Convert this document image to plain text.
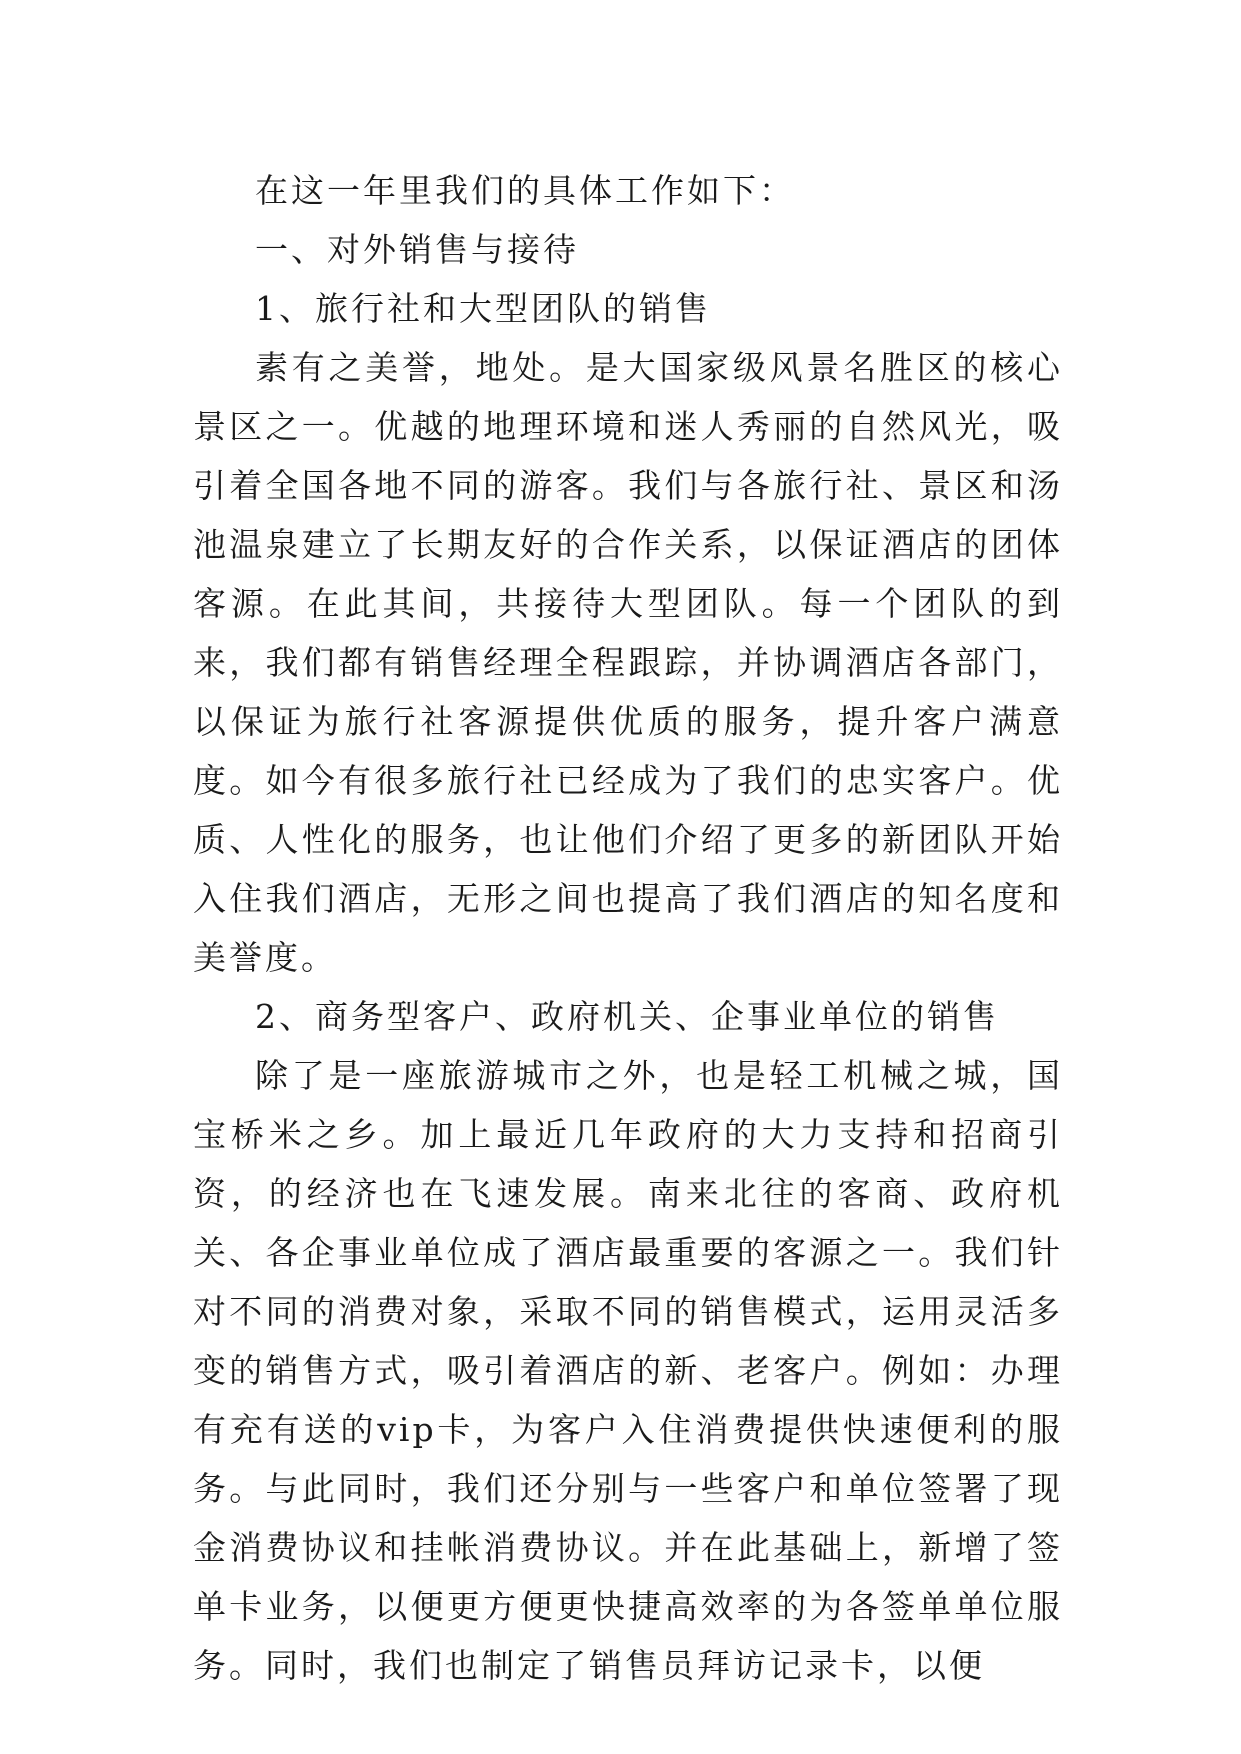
在这一年里我们的具体工作如下：

一、对外销售与接待

1、旅行社和大型团队的销售

素有之美誉，地处。是大国家级风景名胜区的核心景区之一。优越的地理环境和迷人秀丽的自然风光，吸引着全国各地不同的游客。我们与各旅行社、景区和汤池温泉建立了长期友好的合作关系，以保证酒店的团体客源。在此其间，共接待大型团队。每一个团队的到来，我们都有销售经理全程跟踪，并协调酒店各部门，以保证为旅行社客源提供优质的服务，提升客户满意度。如今有很多旅行社已经成为了我们的忠实客户。优质、人性化的服务，也让他们介绍了更多的新团队开始入住我们酒店，无形之间也提高了我们酒店的知名度和美誉度。

2、商务型客户、政府机关、企事业单位的销售

除了是一座旅游城市之外，也是轻工机械之城，国宝桥米之乡。加上最近几年政府的大力支持和招商引资，的经济也在飞速发展。南来北往的客商、政府机关、各企事业单位成了酒店最重要的客源之一。我们针对不同的消费对象，采取不同的销售模式，运用灵活多变的销售方式，吸引着酒店的新、老客户。例如：办理有充有送的vip卡，为客户入住消费提供快速便利的服务。与此同时，我们还分别与一些客户和单位签署了现金消费协议和挂帐消费协议。并在此基础上，新增了签单卡业务，以便更方便更快捷高效率的为各签单单位服务。同时，我们也制定了销售员拜访记录卡，以便
